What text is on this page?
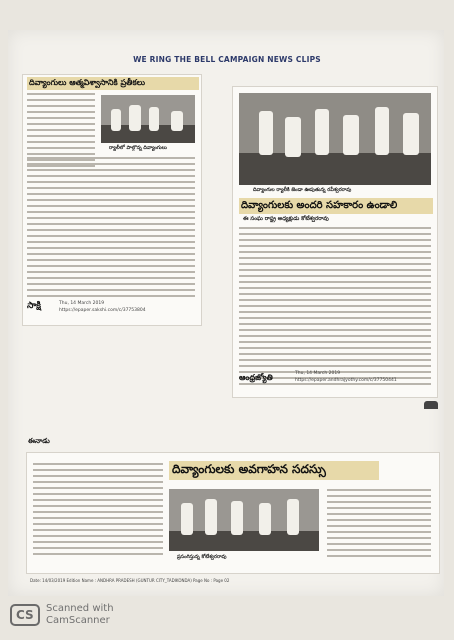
WE RING THE BELL CAMPAIGN NEWS CLIPS
దివ్యాంగులు ఆత్మవిశ్వాసానికి ప్రతీకలు
ర్యాలీలో పాల్గొన్న దివ్యాంగులు
సాక్షి	Thu, 14 March 2019
https://epaper.sakshi.com/c/37753804
దివ్యాంగుల ర్యాలీకి జెండా ఊపుతున్న రవీశ్వరరావు
దివ్యాంగులకు అందరి సహకారం ఉండాలి
ఈ సంఘ రాష్ట్ర అధ్యక్షుడు కోటేశ్వరరావు
ఆంధ్రజ్యోతి	Thu, 14 March 2019
https://epaper.andhrajyothy.com/c/37750441
ఈనాడు
దివ్యాంగులకు అవగాహన సదస్సు
ప్రసంగిస్తున్న కోటేశ్వరరావు
Date: 14/03/2019 Edition Name : ANDHRA PRADESH (GUNTUR CITY_TADIKONDA) Page No : Page 02
CS Scanned with
CamScanner
